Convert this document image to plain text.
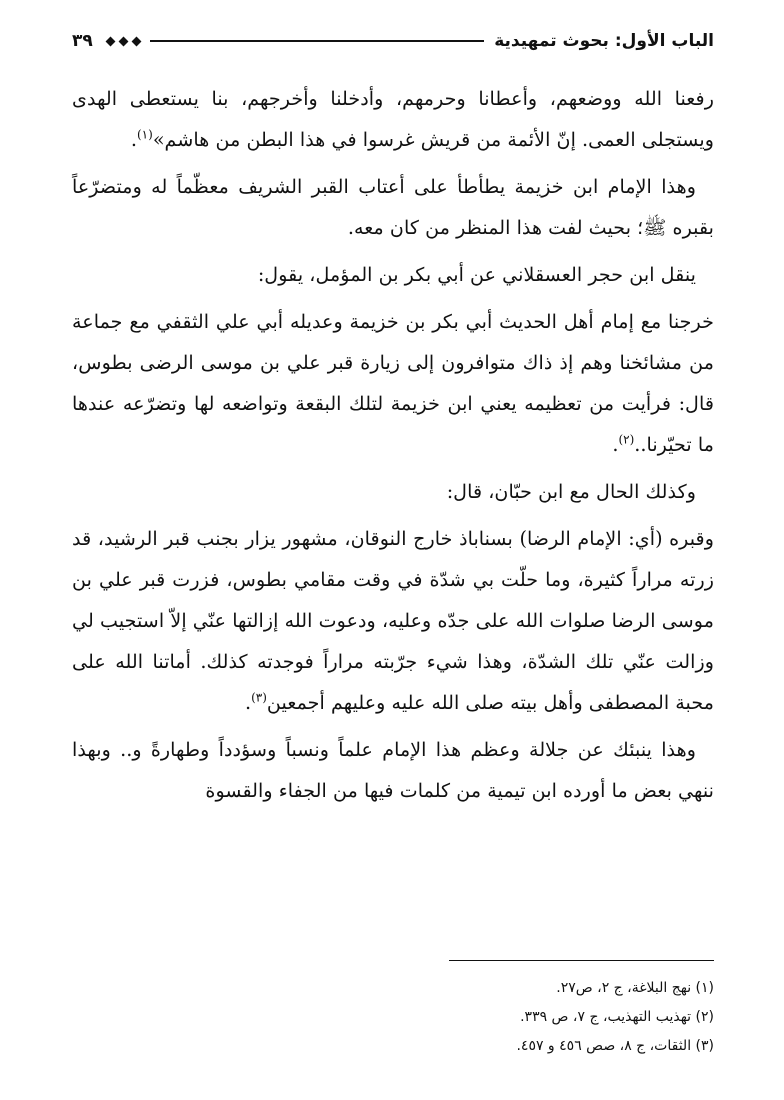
الباب الأول: بحوث تمهيدية
٣٩

رفعنا الله ووضعهم، وأعطانا وحرمهم، وأدخلنا وأخرجهم، بنا يستعطى الهدى ويستجلى العمى. إنّ الأئمة من قريش غرسوا في هذا البطن من هاشم»$^{(١)}$.

وهذا الإمام ابن خزيمة يطأطأ على أعتاب القبر الشريف معظّماً له ومتضرّعاً بقبره ﷺ؛ بحيث لفت هذا المنظر من كان معه.

ينقل ابن حجر العسقلاني عن أبي بكر بن المؤمل، يقول:

خرجنا مع إمام أهل الحديث أبي بكر بن خزيمة وعديله أبي علي الثقفي مع جماعة من مشائخنا وهم إذ ذاك متوافرون إلى زيارة قبر علي بن موسى الرضى بطوس، قال: فرأيت من تعظيمه يعني ابن خزيمة لتلك البقعة وتواضعه لها وتضرّعه عندها ما تحيّرنا..$^{(٢)}$.

وكذلك الحال مع ابن حبّان، قال:

وقبره (أي: الإمام الرضا) بسناباذ خارج النوقان، مشهور يزار بجنب قبر الرشيد، قد زرته مراراً كثيرة، وما حلّت بي شدّة في وقت مقامي بطوس، فزرت قبر علي بن موسى الرضا صلوات الله على جدّه وعليه، ودعوت الله إزالتها عنّي إلاّ استجيب لي وزالت عنّي تلك الشدّة، وهذا شيء جرّبته مراراً فوجدته كذلك. أماتنا الله على محبة المصطفى وأهل بيته صلى الله عليه وعليهم أجمعين$^{(٣)}$.

وهذا ينبئك عن جلالة وعظم هذا الإمام علماً ونسباً وسؤدداً وطهارةً و.. وبهذا ننهي بعض ما أورده ابن تيمية من كلمات فيها من الجفاء والقسوة

(١) نهج البلاغة، ج ٢، ص٢٧.
(٢) تهذيب التهذيب، ج ٧، ص ٣٣٩.
(٣) الثقات، ج ٨، صص ٤٥٦ و ٤٥٧.
